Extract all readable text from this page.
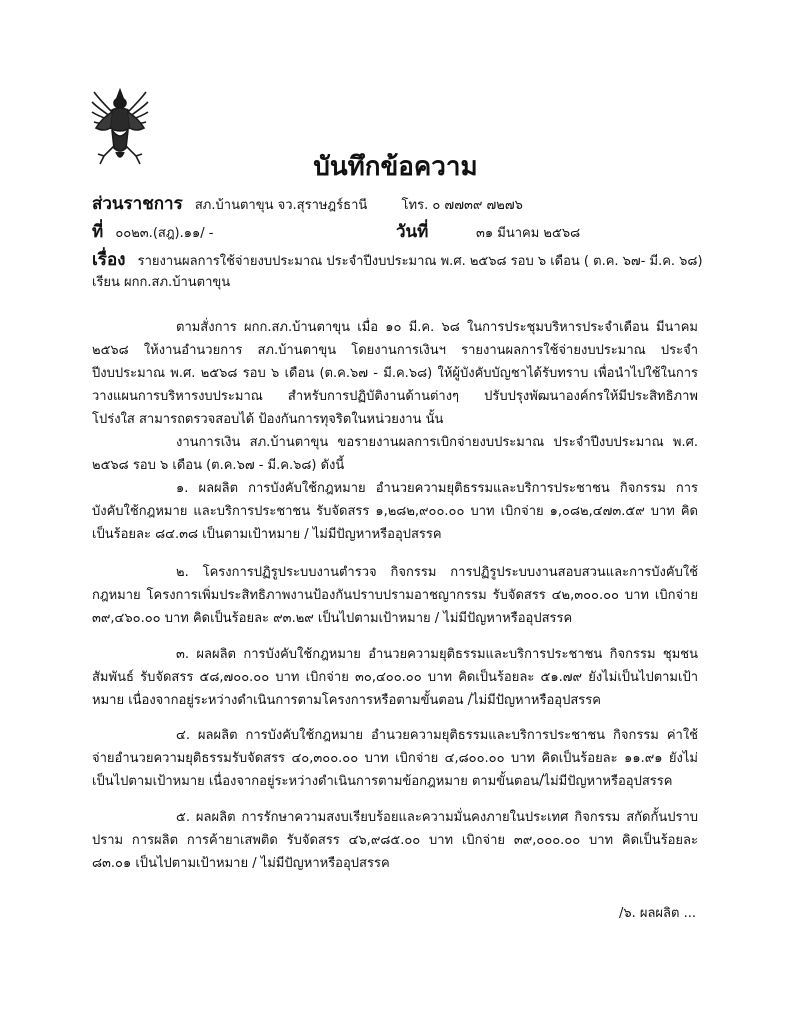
บันทึกข้อความ
ส่วนราชการ สภ.บ้านตาขุน จว.สุราษฎร์ธานี	โทร. ๐ ๗๗๓๙ ๗๒๗๖
ที่ ๐๐๒๓.(สฎ).๑๑/ -	วันที่	๓๑ มีนาคม ๒๕๖๘
เรื่อง รายงานผลการใช้จ่ายงบประมาณ ประจำปีงบประมาณ พ.ศ. ๒๕๖๘ รอบ ๖ เดือน ( ต.ค. ๖๗- มี.ค. ๖๘)
เรียน ผกก.สภ.บ้านตาขุน

ตามสั่งการ ผกก.สภ.บ้านตาขุน เมื่อ ๑๐ มี.ค. ๖๘ ในการประชุมบริหารประจำเดือน มีนาคม ๒๕๖๘ ให้งานอำนวยการ สภ.บ้านตาขุน โดยงานการเงินฯ รายงานผลการใช้จ่ายงบประมาณ ประจำปีงบประมาณ พ.ศ. ๒๕๖๘ รอบ ๖ เดือน (ต.ค.๖๗ - มี.ค.๖๘) ให้ผู้บังคับบัญชาได้รับทราบ เพื่อนำไปใช้ในการวางแผนการบริหารงบประมาณ สำหรับการปฏิบัติงานด้านต่างๆ ปรับปรุงพัฒนาองค์กรให้มีประสิทธิภาพ โปร่งใส สามารถตรวจสอบได้ ป้องกันการทุจริตในหน่วยงาน นั้น

งานการเงิน สภ.บ้านตาขุน ขอรายงานผลการเบิกจ่ายงบประมาณ ประจำปีงบประมาณ พ.ศ. ๒๕๖๘ รอบ ๖ เดือน (ต.ค.๖๗ - มี.ค.๖๘) ดังนี้

๑. ผลผลิต การบังคับใช้กฎหมาย อำนวยความยุติธรรมและบริการประชาชน กิจกรรม การบังคับใช้กฎหมาย และบริการประชาชน รับจัดสรร ๑,๒๘๒,๙๐๐.๐๐ บาท เบิกจ่าย ๑,๐๘๒,๔๗๓.๕๙ บาท คิดเป็นร้อยละ ๘๔.๓๘ เป็นตามเป้าหมาย / ไม่มีปัญหาหรืออุปสรรค

๒. โครงการปฏิรูประบบงานตำรวจ กิจกรรม การปฏิรูประบบงานสอบสวนและการบังคับใช้กฎหมาย โครงการเพิ่มประสิทธิภาพงานป้องกันปราบปรามอาชญากรรม รับจัดสรร ๔๒,๓๐๐.๐๐ บาท เบิกจ่าย ๓๙,๔๖๐.๐๐ บาท คิดเป็นร้อยละ ๙๓.๒๙ เป็นไปตามเป้าหมาย / ไม่มีปัญหาหรืออุปสรรค

๓. ผลผลิต การบังคับใช้กฎหมาย อำนวยความยุติธรรมและบริการประชาชน กิจกรรม ชุมชนสัมพันธ์ รับจัดสรร ๕๘,๗๐๐.๐๐ บาท เบิกจ่าย ๓๐,๔๐๐.๐๐ บาท คิดเป็นร้อยละ ๕๑.๗๙ ยังไม่เป็นไปตามเป้าหมาย เนื่องจากอยู่ระหว่างดำเนินการตามโครงการหรือตามขั้นตอน /ไม่มีปัญหาหรืออุปสรรค

๔. ผลผลิต การบังคับใช้กฎหมาย อำนวยความยุติธรรมและบริการประชาชน กิจกรรม ค่าใช้จ่ายอำนวยความยุติธรรมรับจัดสรร ๔๐,๓๐๐.๐๐ บาท เบิกจ่าย ๔,๘๐๐.๐๐ บาท คิดเป็นร้อยละ ๑๑.๙๑ ยังไม่เป็นไปตามเป้าหมาย เนื่องจากอยู่ระหว่างดำเนินการตามข้อกฎหมาย ตามขั้นตอน/ไม่มีปัญหาหรืออุปสรรค

๕. ผลผลิต การรักษาความสงบเรียบร้อยและความมั่นคงภายในประเทศ กิจกรรม สกัดกั้นปราบปราม การผลิต การค้ายาเสพติด รับจัดสรร ๔๖,๙๘๕.๐๐ บาท เบิกจ่าย ๓๙,๐๐๐.๐๐ บาท คิดเป็นร้อยละ ๘๓.๐๑ เป็นไปตามเป้าหมาย / ไม่มีปัญหาหรืออุปสรรค

/๖. ผลผลิต ...
